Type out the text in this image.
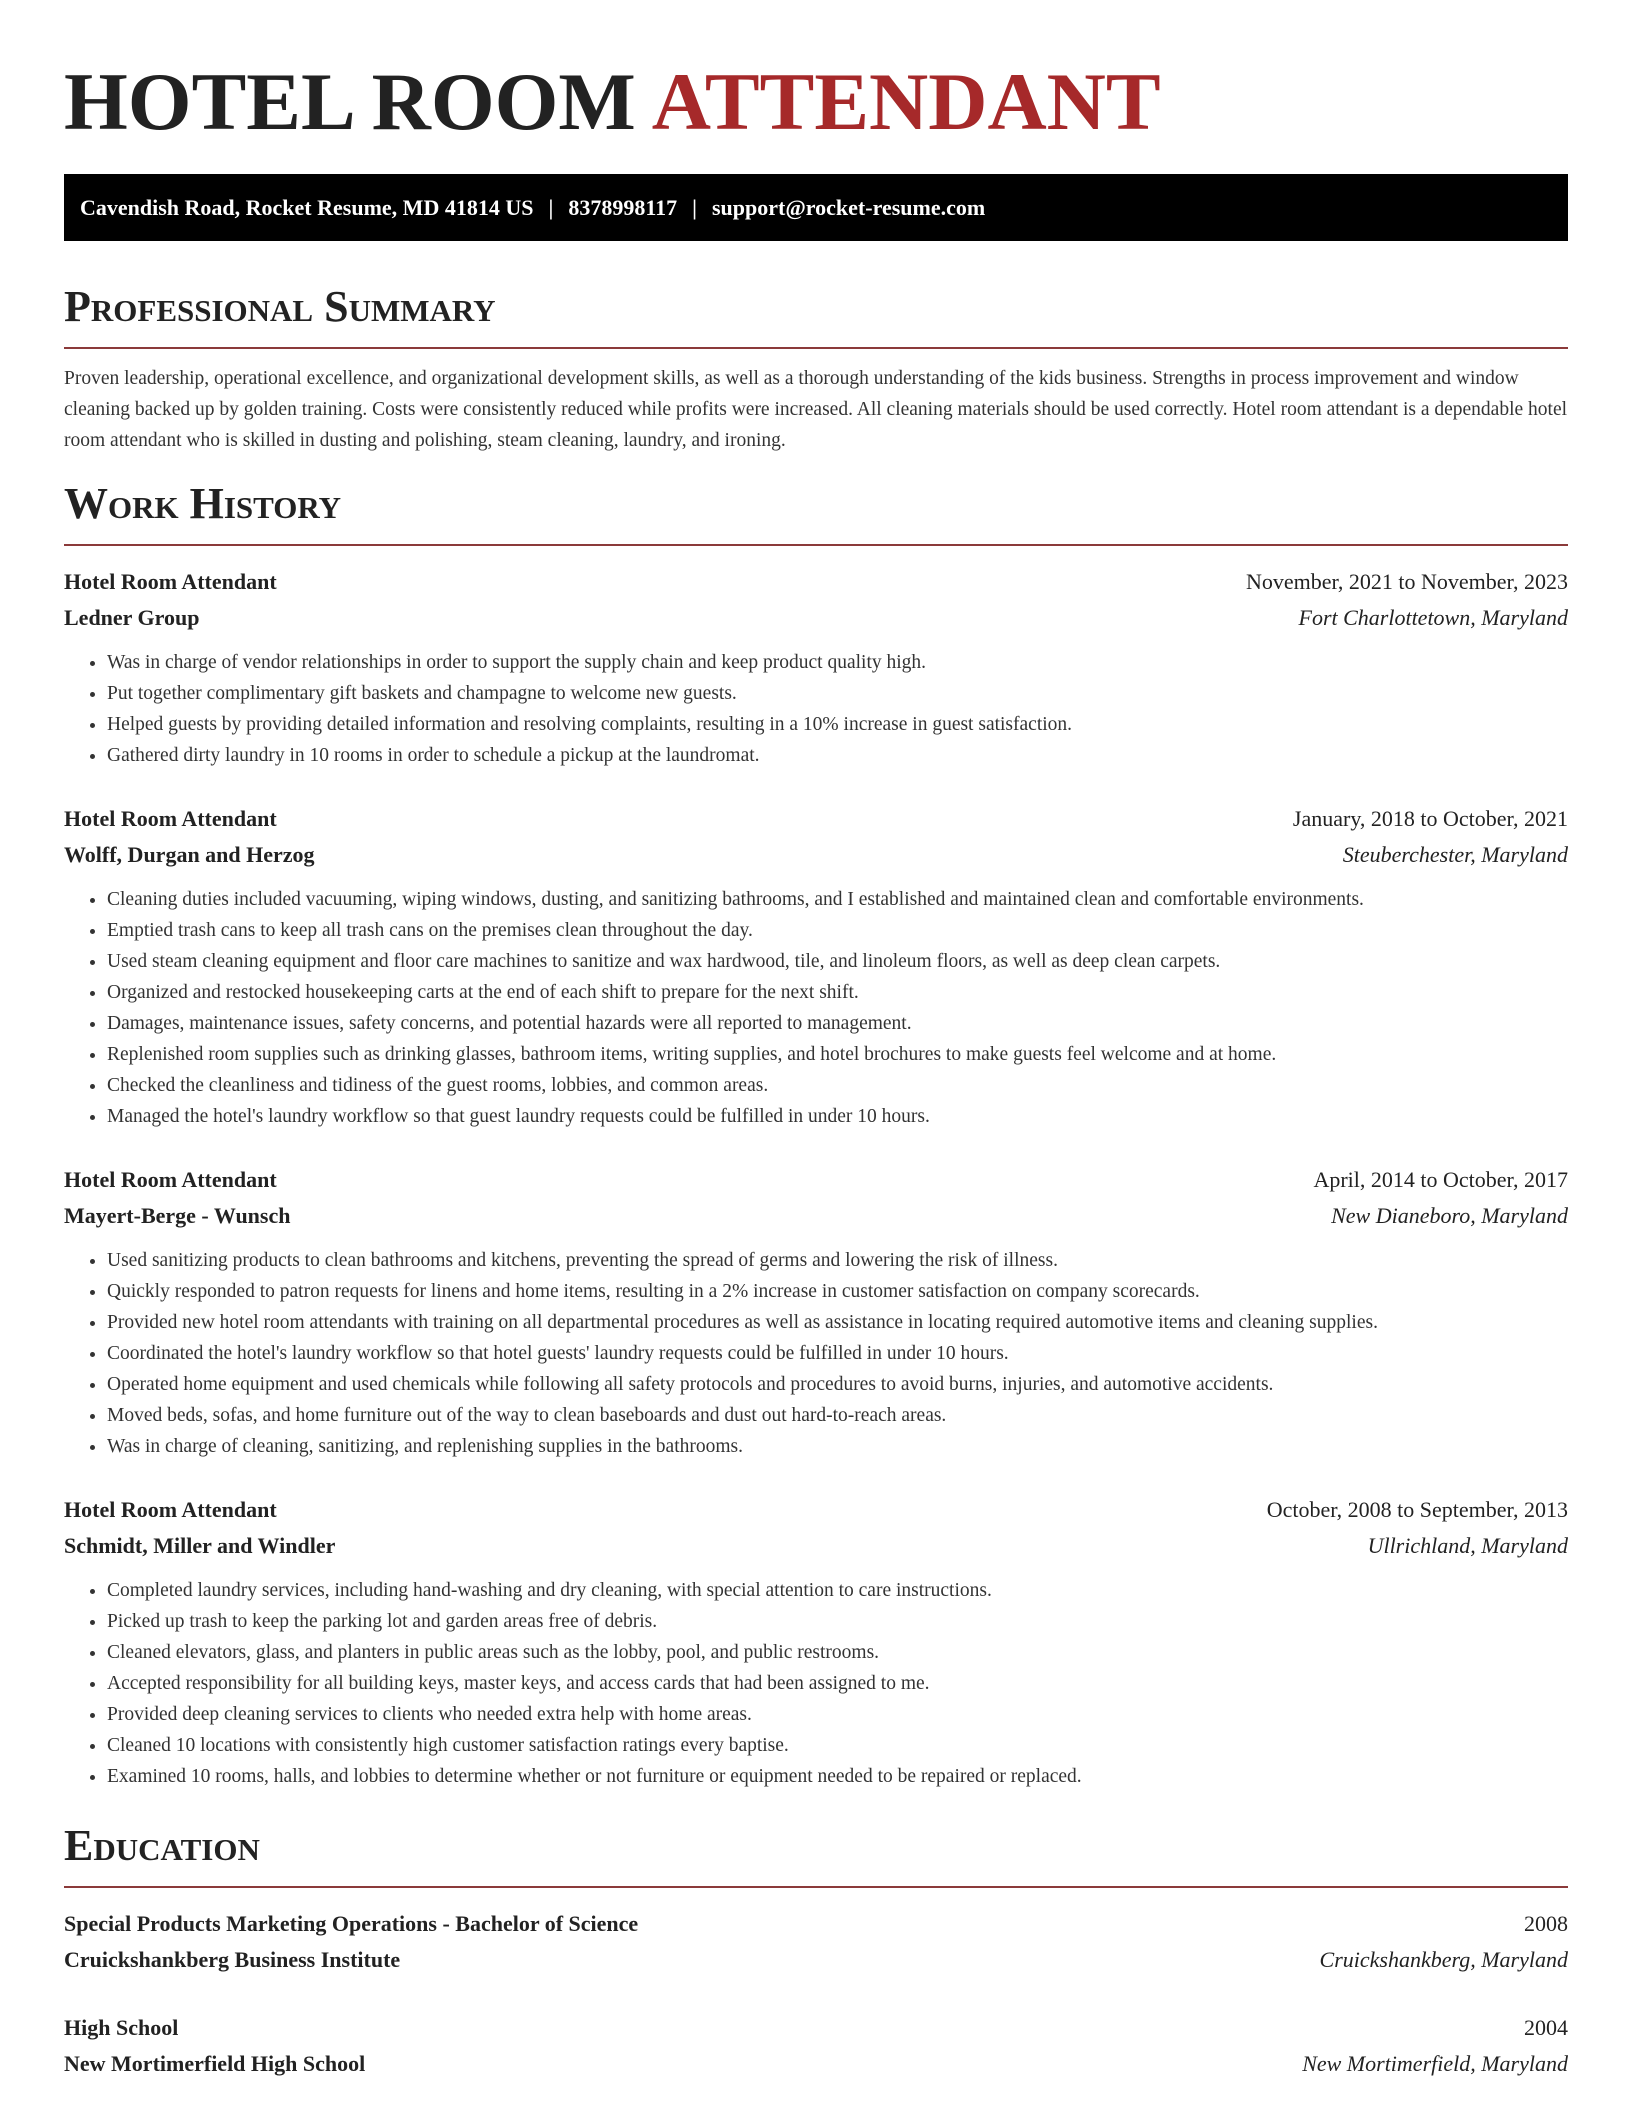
HOTEL ROOM ATTENDANT
Cavendish Road, Rocket Resume, MD 41814 US | 8378998117 | support@rocket-resume.com
Professional Summary

Proven leadership, operational excellence, and organizational development skills, as well as a thorough understanding of the kids business. Strengths in process improvement and window cleaning backed up by golden training. Costs were consistently reduced while profits were increased. All cleaning materials should be used correctly. Hotel room attendant is a dependable hotel room attendant who is skilled in dusting and polishing, steam cleaning, laundry, and ironing.

Work History
Hotel Room Attendant	November, 2021 to November, 2023
Ledner Group	Fort Charlottetown, Maryland
• Was in charge of vendor relationships in order to support the supply chain and keep product quality high.
• Put together complimentary gift baskets and champagne to welcome new guests.
• Helped guests by providing detailed information and resolving complaints, resulting in a 10% increase in guest satisfaction.
• Gathered dirty laundry in 10 rooms in order to schedule a pickup at the laundromat.
Hotel Room Attendant	January, 2018 to October, 2021
Wolff, Durgan and Herzog	Steuberchester, Maryland
• Cleaning duties included vacuuming, wiping windows, dusting, and sanitizing bathrooms, and I established and maintained clean and comfortable environments.
• Emptied trash cans to keep all trash cans on the premises clean throughout the day.
• Used steam cleaning equipment and floor care machines to sanitize and wax hardwood, tile, and linoleum floors, as well as deep clean carpets.
• Organized and restocked housekeeping carts at the end of each shift to prepare for the next shift.
• Damages, maintenance issues, safety concerns, and potential hazards were all reported to management.
• Replenished room supplies such as drinking glasses, bathroom items, writing supplies, and hotel brochures to make guests feel welcome and at home.
• Checked the cleanliness and tidiness of the guest rooms, lobbies, and common areas.
• Managed the hotel's laundry workflow so that guest laundry requests could be fulfilled in under 10 hours.
Hotel Room Attendant	April, 2014 to October, 2017
Mayert-Berge - Wunsch	New Dianeboro, Maryland
• Used sanitizing products to clean bathrooms and kitchens, preventing the spread of germs and lowering the risk of illness.
• Quickly responded to patron requests for linens and home items, resulting in a 2% increase in customer satisfaction on company scorecards.
• Provided new hotel room attendants with training on all departmental procedures as well as assistance in locating required automotive items and cleaning supplies.
• Coordinated the hotel's laundry workflow so that hotel guests' laundry requests could be fulfilled in under 10 hours.
• Operated home equipment and used chemicals while following all safety protocols and procedures to avoid burns, injuries, and automotive accidents.
• Moved beds, sofas, and home furniture out of the way to clean baseboards and dust out hard-to-reach areas.
• Was in charge of cleaning, sanitizing, and replenishing supplies in the bathrooms.
Hotel Room Attendant	October, 2008 to September, 2013
Schmidt, Miller and Windler	Ullrichland, Maryland
• Completed laundry services, including hand-washing and dry cleaning, with special attention to care instructions.
• Picked up trash to keep the parking lot and garden areas free of debris.
• Cleaned elevators, glass, and planters in public areas such as the lobby, pool, and public restrooms.
• Accepted responsibility for all building keys, master keys, and access cards that had been assigned to me.
• Provided deep cleaning services to clients who needed extra help with home areas.
• Cleaned 10 locations with consistently high customer satisfaction ratings every baptise.
• Examined 10 rooms, halls, and lobbies to determine whether or not furniture or equipment needed to be repaired or replaced.
Education
Special Products Marketing Operations - Bachelor of Science	2008
Cruickshankberg Business Institute	Cruickshankberg, Maryland
High School	2004
New Mortimerfield High School	New Mortimerfield, Maryland
